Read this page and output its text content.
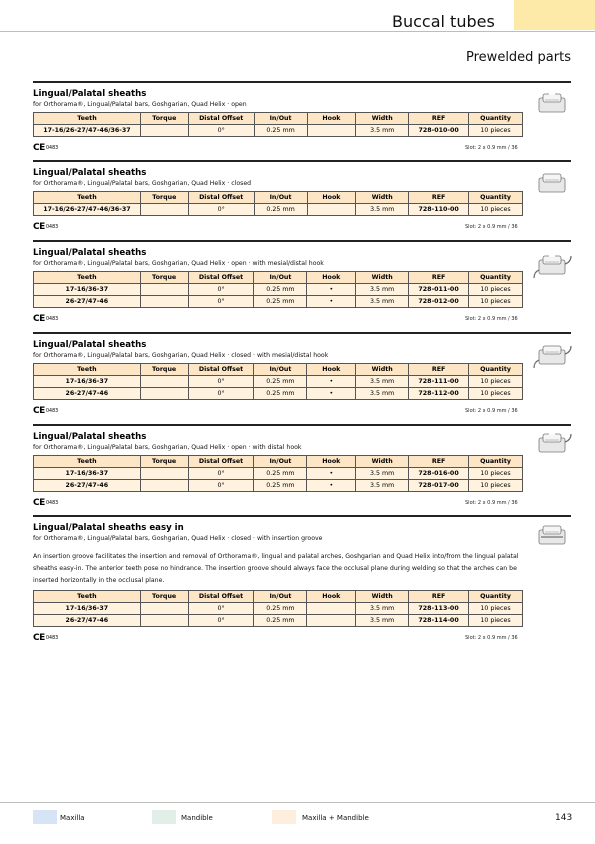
Buccal tubes
Prewelded parts
Lingual/Palatal sheaths
for Orthorama®, Lingual/Palatal bars, Goshgarian, Quad Helix · open
Teeth	Torque	Distal Offset	In/Out	Hook	Width	REF	Quantity
17-16/26-27/47-46/36-37		0°	0.25 mm		3.5 mm	728-010-00	10 pieces
CE 0483	Slot: 2 x 0.9 mm / 36
Lingual/Palatal sheaths
for Orthorama®, Lingual/Palatal bars, Goshgarian, Quad Helix · closed
Teeth	Torque	Distal Offset	In/Out	Hook	Width	REF	Quantity
17-16/26-27/47-46/36-37		0°	0.25 mm		3.5 mm	728-110-00	10 pieces
CE 0483	Slot: 2 x 0.9 mm / 36
Lingual/Palatal sheaths
for Orthorama®, Lingual/Palatal bars, Goshgarian, Quad Helix · open · with mesial/distal hook
Teeth	Torque	Distal Offset	In/Out	Hook	Width	REF	Quantity
17-16/36-37		0°	0.25 mm	•	3.5 mm	728-011-00	10 pieces
26-27/47-46		0°	0.25 mm	•	3.5 mm	728-012-00	10 pieces
CE 0483	Slot: 2 x 0.9 mm / 36
Lingual/Palatal sheaths
for Orthorama®, Lingual/Palatal bars, Goshgarian, Quad Helix · closed · with mesial/distal hook
Teeth	Torque	Distal Offset	In/Out	Hook	Width	REF	Quantity
17-16/36-37		0°	0.25 mm	•	3.5 mm	728-111-00	10 pieces
26-27/47-46		0°	0.25 mm	•	3.5 mm	728-112-00	10 pieces
CE 0483	Slot: 2 x 0.9 mm / 36
Lingual/Palatal sheaths
for Orthorama®, Lingual/Palatal bars, Goshgarian, Quad Helix · open · with distal hook
Teeth	Torque	Distal Offset	In/Out	Hook	Width	REF	Quantity
17-16/36-37		0°	0.25 mm	•	3.5 mm	728-016-00	10 pieces
26-27/47-46		0°	0.25 mm	•	3.5 mm	728-017-00	10 pieces
CE 0483	Slot: 2 x 0.9 mm / 36
Lingual/Palatal sheaths easy in
for Orthorama®, Lingual/Palatal bars, Goshgarian, Quad Helix · closed · with insertion groove
An insertion groove facilitates the insertion and removal of Orthorama®, lingual and palatal arches, Goshgarian and Quad Helix into/from the lingual palatal sheaths easy-in. The anterior teeth pose no hindrance. The insertion groove should always face the occlusal plane during welding so that the arches can be inserted horizontally in the occlusal plane.
Teeth	Torque	Distal Offset	In/Out	Hook	Width	REF	Quantity
17-16/36-37		0°	0.25 mm		3.5 mm	728-113-00	10 pieces
26-27/47-46		0°	0.25 mm		3.5 mm	728-114-00	10 pieces
CE 0483	Slot: 2 x 0.9 mm / 36
Maxilla	Mandible	Maxilla + Mandible	143
